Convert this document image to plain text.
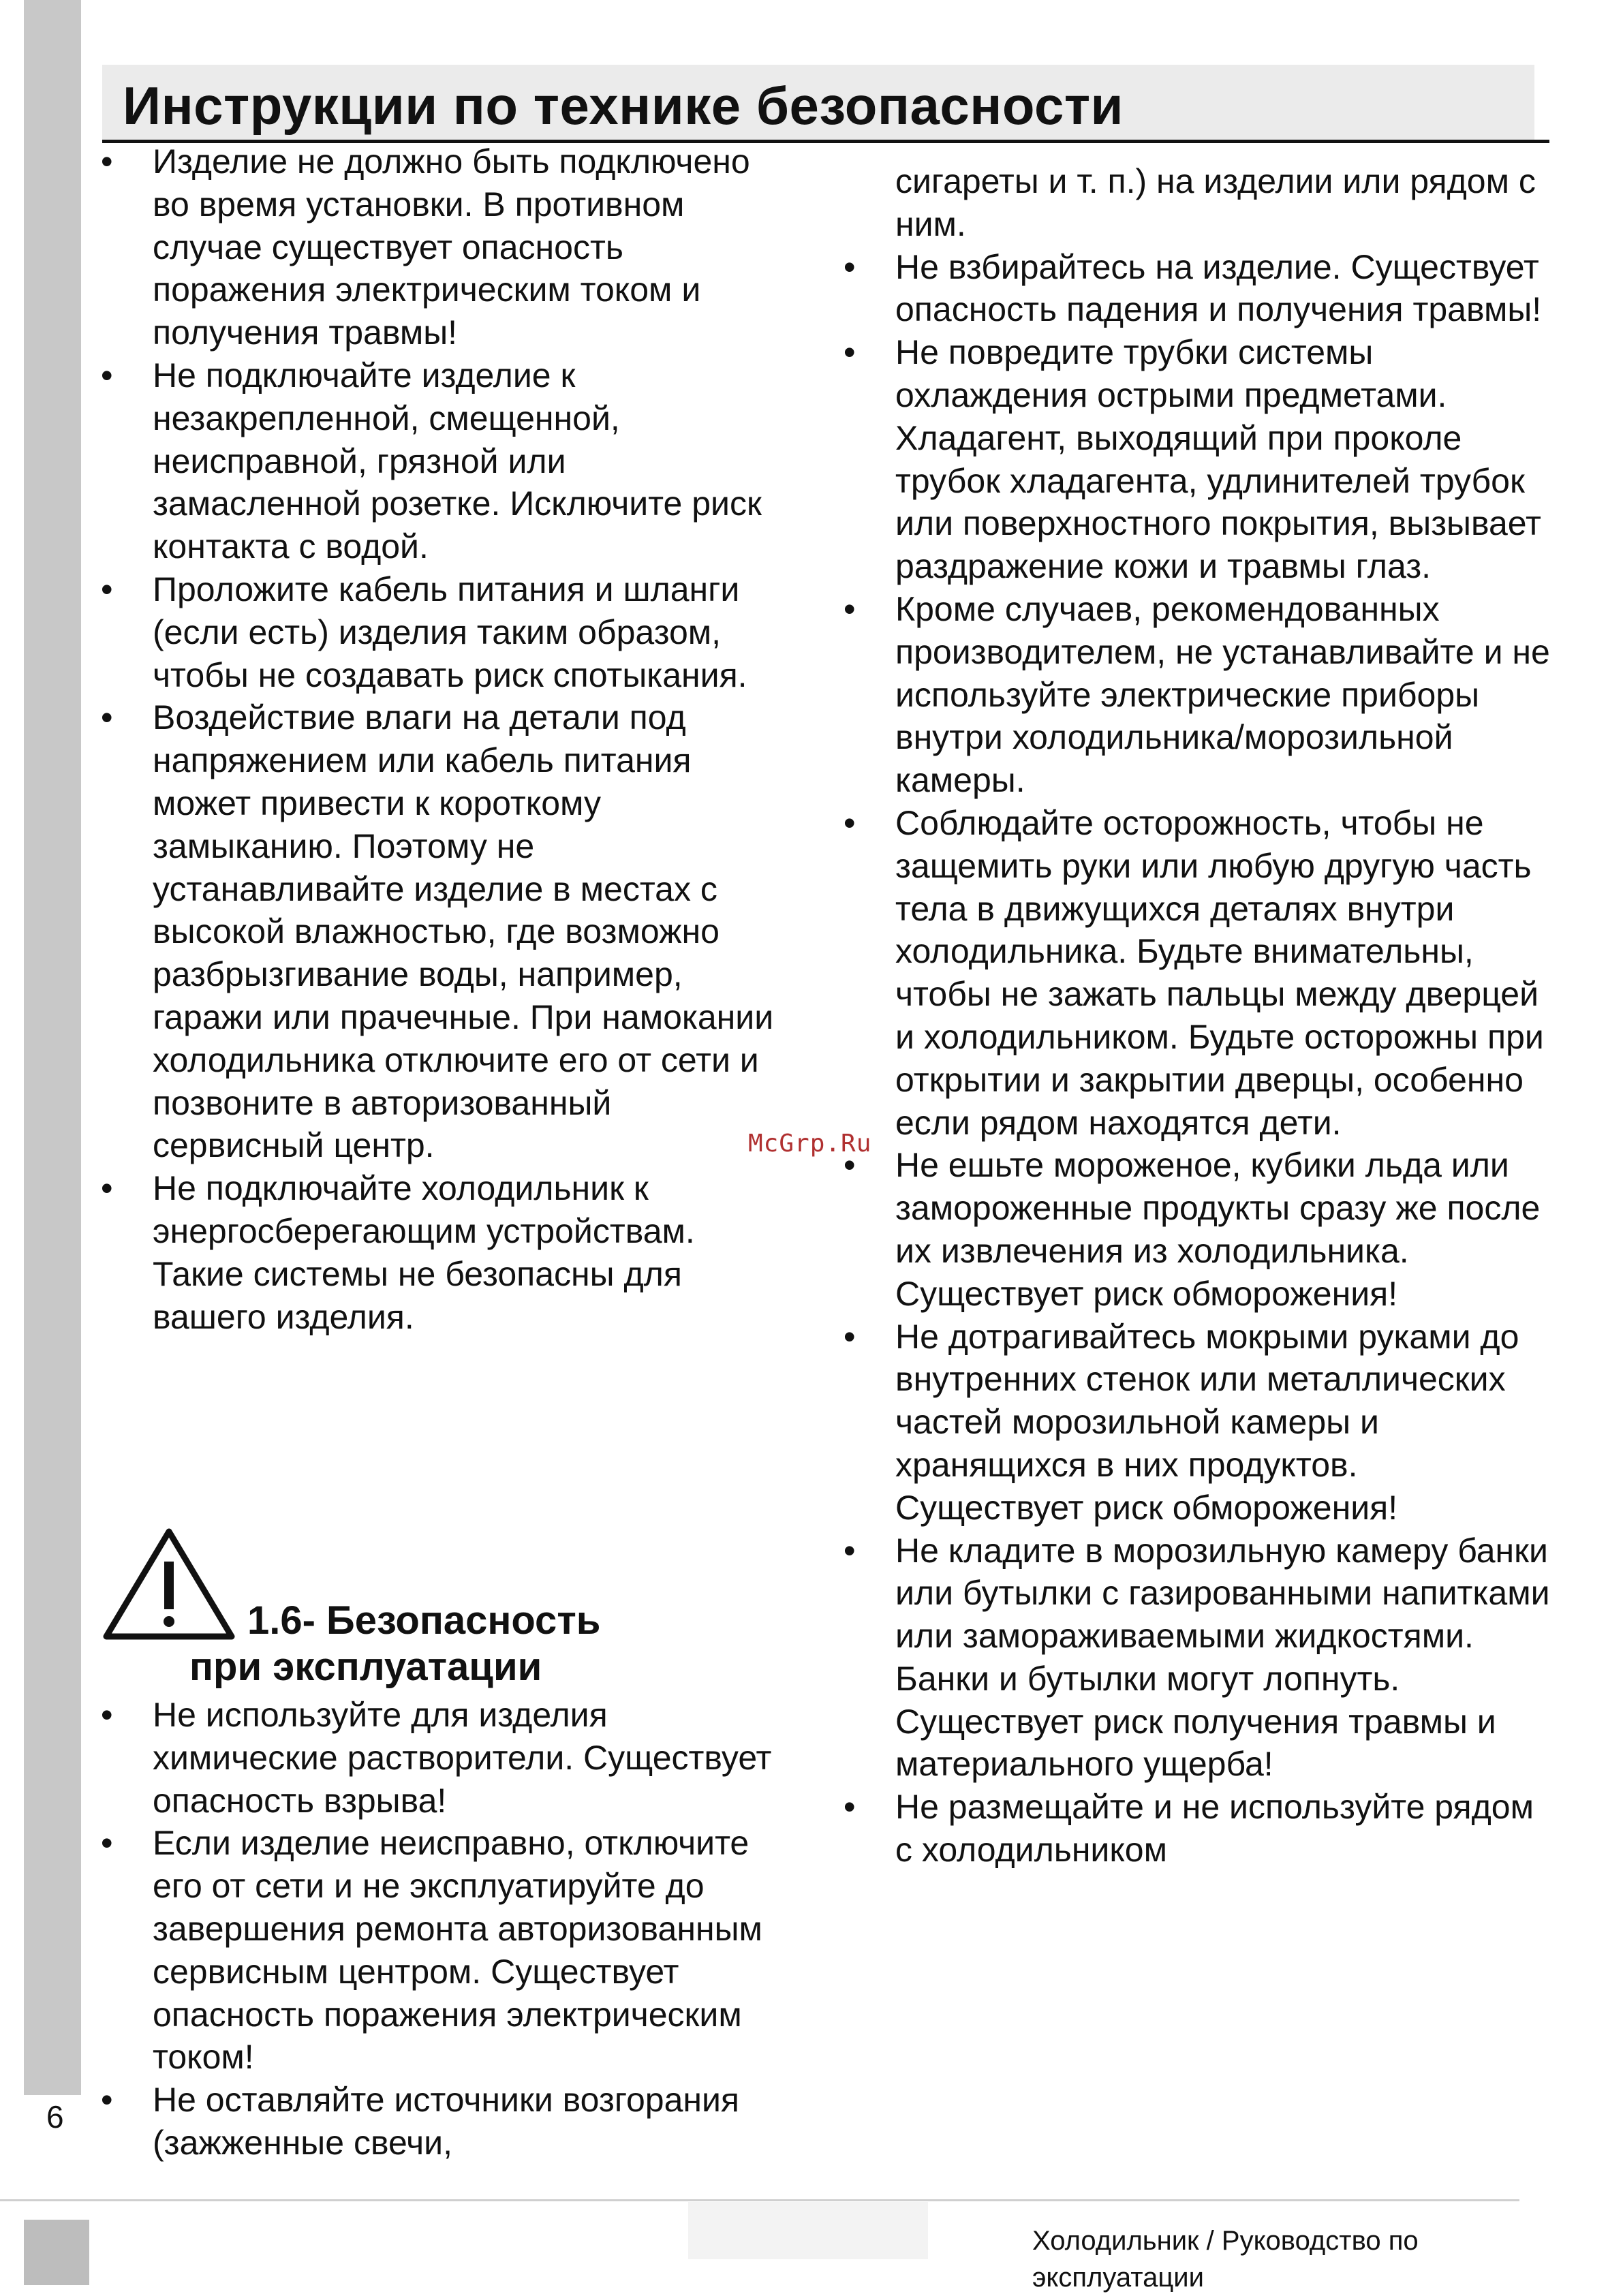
Инструкции по технике безопасности
• Изделие не должно быть подключено во время установки. В противном случае существует опасность поражения электрическим током и получения травмы!
• Не подключайте изделие к незакрепленной, смещенной, неисправной, грязной или замасленной розетке. Исключите риск контакта с водой.
• Проложите кабель питания и шланги (если есть) изделия таким образом, чтобы не создавать риск спотыкания.
• Воздействие влаги на детали под напряжением или кабель питания может привести к короткому замыканию. Поэтому не устанавливайте изделие в местах с высокой влажностью, где возможно разбрызгивание воды, например, гаражи или прачечные. При намокании холодильника отключите его от сети и позвоните в авторизованный сервисный центр.
• Не подключайте холодильник к энергосберегающим устройствам. Такие системы не безопасны для вашего изделия.
1.6- Безопасность
при эксплуатации
• Не используйте для изделия химические растворители. Существует опасность взрыва!
• Если изделие неисправно, отключите его от сети и не эксплуатируйте до завершения ремонта авторизованным сервисным центром. Существует опасность поражения электрическим током!
• Не оставляйте источники возгорания (зажженные свечи,
сигареты и т. п.) на изделии или рядом с ним.
• Не взбирайтесь на изделие. Существует опасность падения и получения травмы!
• Не повредите трубки системы охлаждения острыми предметами. Хладагент, выходящий при проколе трубок хладагента, удлинителей трубок или поверхностного покрытия, вызывает раздражение кожи и травмы глаз.
• Кроме случаев, рекомендованных производителем, не устанавливайте и не используйте электрические приборы внутри холодильника/морозильной камеры.
• Соблюдайте осторожность, чтобы не защемить руки или любую другую часть тела в движущихся деталях внутри холодильника. Будьте внимательны, чтобы не зажать пальцы между дверцей и холодильником. Будьте осторожны при открытии и закрытии дверцы, особенно если рядом находятся дети.
• Не ешьте мороженое, кубики льда или замороженные продукты сразу же после их извлечения из холодильника. Существует риск обморожения!
• Не дотрагивайтесь мокрыми руками до внутренних стенок или металлических частей морозильной камеры и хранящихся в них продуктов. Существует риск обморожения!
• Не кладите в морозильную камеру банки или бутылки с газированными напитками или замораживаемыми жидкостями. Банки и бутылки могут лопнуть. Существует риск получения травмы и материального ущерба!
• Не размещайте и не используйте рядом с холодильником
McGrp.Ru
6
Холодильник / Руководство по эксплуатации
